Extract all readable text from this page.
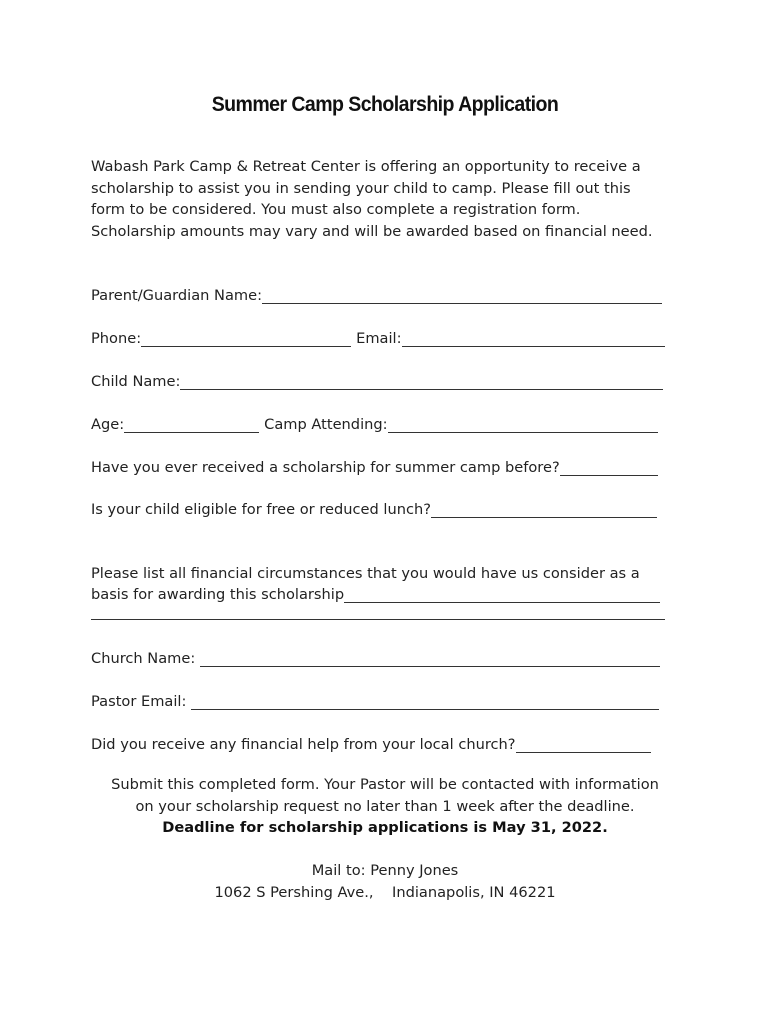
Summer Camp Scholarship Application

Wabash Park Camp & Retreat Center is offering an opportunity to receive a
scholarship to assist you in sending your child to camp. Please fill out this
form to be considered. You must also complete a registration form.
Scholarship amounts may vary and will be awarded based on financial need.

Parent/Guardian Name:
Phone:	Email:
Child Name:
Age:	Camp Attending:
Have you ever received a scholarship for summer camp before?
Is your child eligible for free or reduced lunch?
Please list all financial circumstances that you would have us consider as a
basis for awarding this scholarship
Church Name:
Pastor Email:
Did you receive any financial help from your local church?
Submit this completed form. Your Pastor will be contacted with information
on your scholarship request no later than 1 week after the deadline.
Deadline for scholarship applications is May 31, 2022.
Mail to: Penny Jones
1062 S Pershing Ave.,    Indianapolis, IN 46221
